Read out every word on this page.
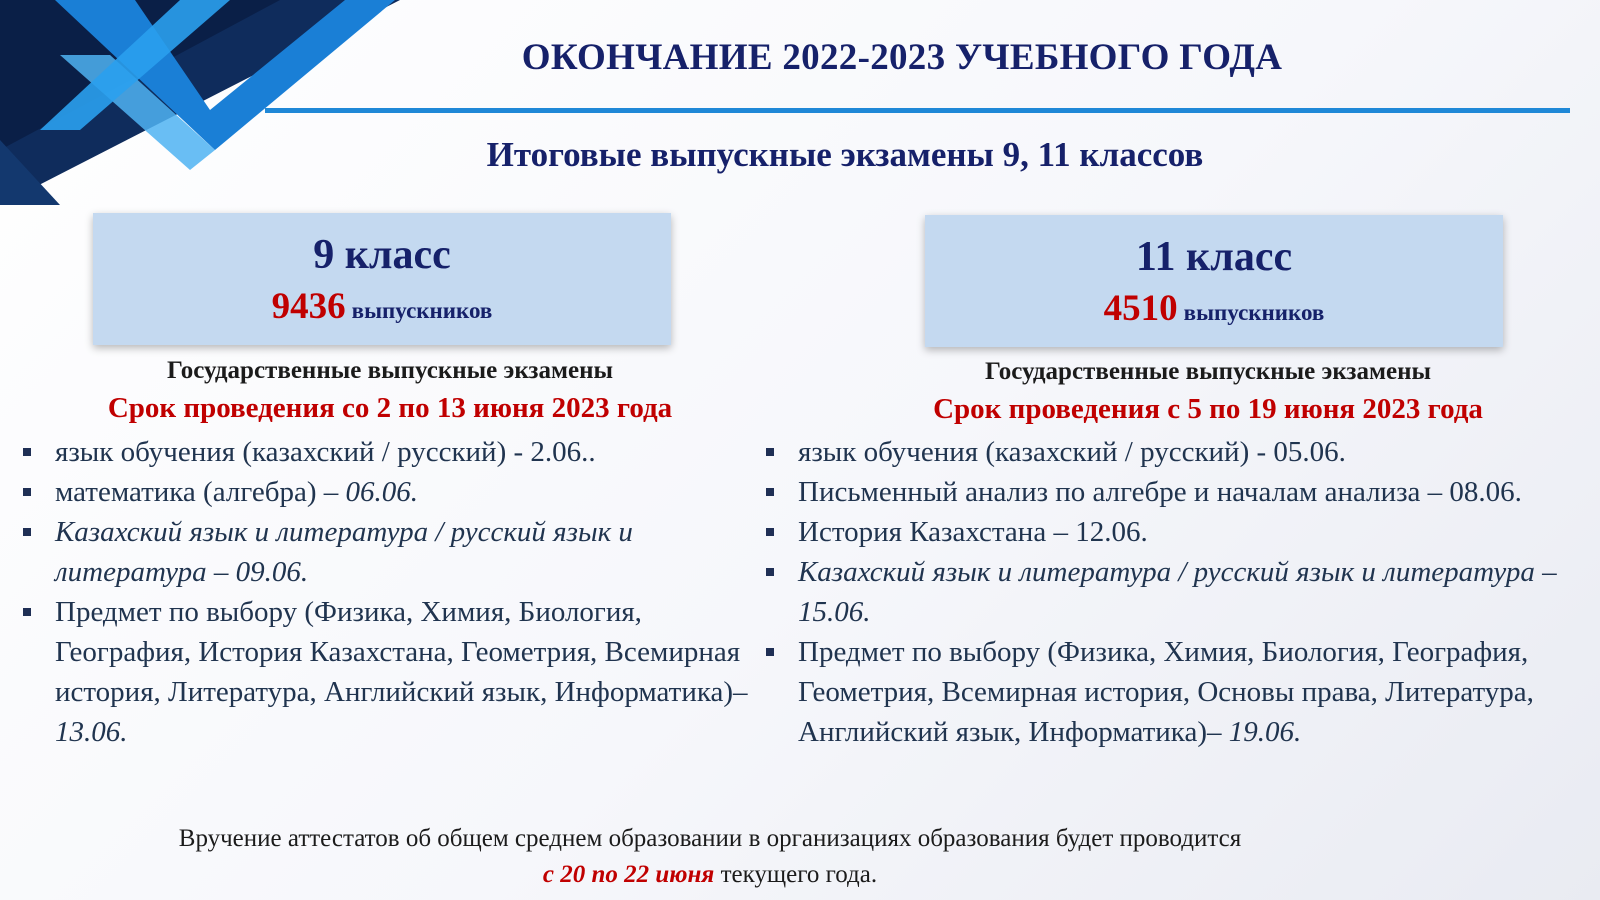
ОКОНЧАНИЕ 2022-2023 УЧЕБНОГО ГОДА
Итоговые выпускные экзамены 9, 11 классов
9 класс
9436 выпускников
11 класс
4510 выпускников
Государственные выпускные экзамены
Срок проведения со 2 по 13 июня 2023 года
Государственные выпускные экзамены
Срок проведения с 5 по 19 июня 2023 года
язык обучения (казахский / русский) - 2.06..
математика (алгебра) – 06.06.
Казахский язык и литература / русский язык и литература – 09.06.
Предмет по выбору (Физика, Химия, Биология, География, История Казахстана, Геометрия, Всемирная история, Литература, Английский язык, Информатика)– 13.06.
язык обучения (казахский / русский) - 05.06.
Письменный анализ по алгебре и началам анализа – 08.06.
История Казахстана – 12.06.
Казахский язык и литература / русский язык и литература – 15.06.
Предмет по выбору (Физика, Химия, Биология, География, Геометрия, Всемирная история, Основы права, Литература, Английский язык, Информатика)– 19.06.
Вручение аттестатов об общем среднем образовании в организациях образования будет проводится
с 20 по 22 июня текущего года.
